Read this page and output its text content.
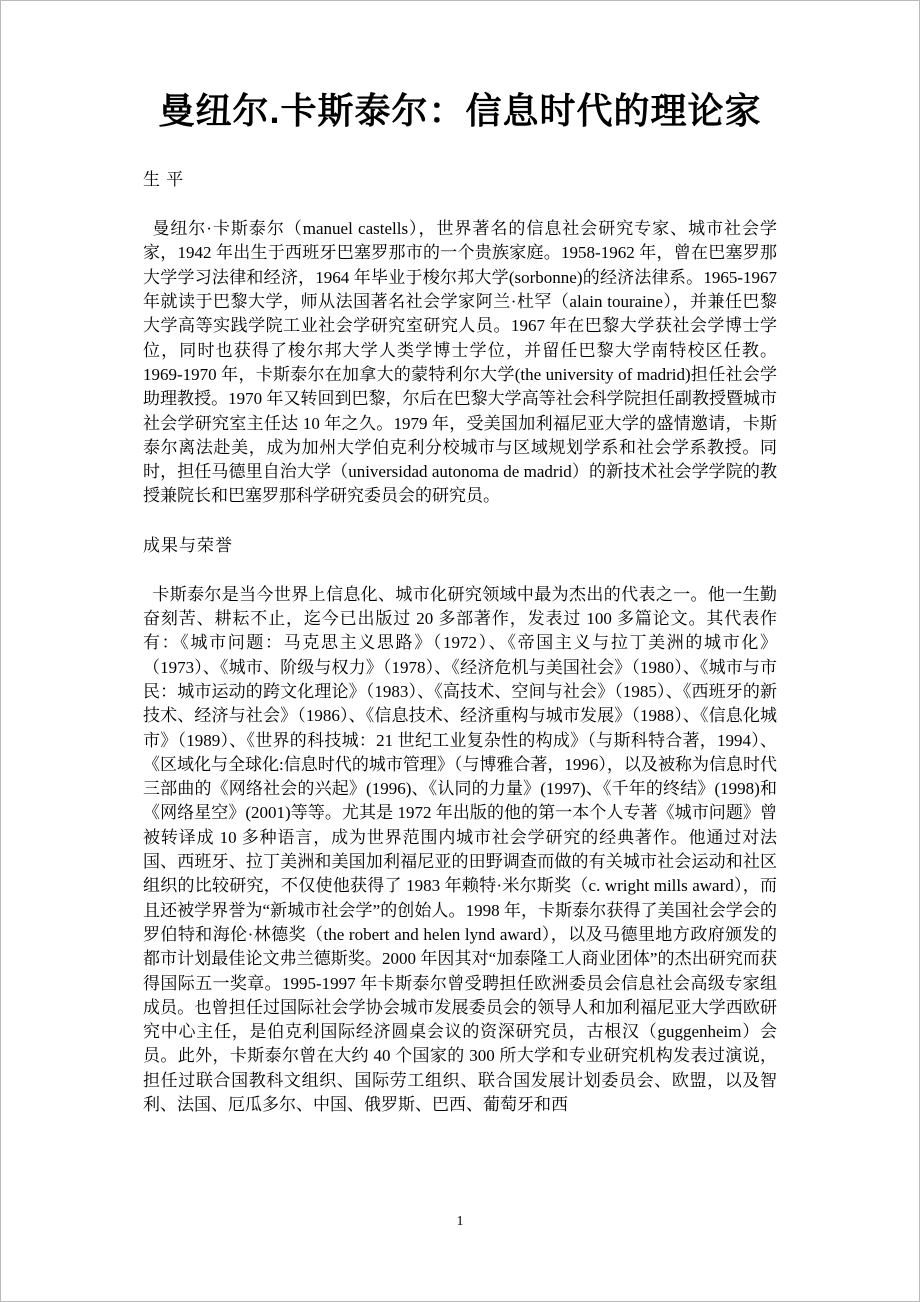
曼纽尔.卡斯泰尔：信息时代的理论家
生 平

曼纽尔·卡斯泰尔（manuel castells），世界著名的信息社会研究专家、城市社会学家，1942 年出生于西班牙巴塞罗那市的一个贵族家庭。1958-1962 年，曾在巴塞罗那大学学习法律和经济，1964 年毕业于梭尔邦大学(sorbonne)的经济法律系。1965-1967 年就读于巴黎大学，师从法国著名社会学家阿兰·杜罕（alain touraine），并兼任巴黎大学高等实践学院工业社会学研究室研究人员。1967 年在巴黎大学获社会学博士学位，同时也获得了梭尔邦大学人类学博士学位，并留任巴黎大学南特校区任教。1969-1970 年，卡斯泰尔在加拿大的蒙特利尔大学(the university of madrid)担任社会学助理教授。1970 年又转回到巴黎，尔后在巴黎大学高等社会科学院担任副教授暨城市社会学研究室主任达 10 年之久。1979 年，受美国加利福尼亚大学的盛情邀请，卡斯泰尔离法赴美，成为加州大学伯克利分校城市与区域规划学系和社会学系教授。同时，担任马德里自治大学（universidad autonoma de madrid）的新技术社会学学院的教授兼院长和巴塞罗那科学研究委员会的研究员。

成果与荣誉

卡斯泰尔是当今世界上信息化、城市化研究领域中最为杰出的代表之一。他一生勤奋刻苦、耕耘不止，迄今已出版过 20 多部著作，发表过 100 多篇论文。其代表作有：《城市问题：马克思主义思路》（1972）、《帝国主义与拉丁美洲的城市化》（1973）、《城市、阶级与权力》（1978）、《经济危机与美国社会》（1980）、《城市与市民：城市运动的跨文化理论》（1983）、《高技术、空间与社会》（1985）、《西班牙的新技术、经济与社会》（1986）、《信息技术、经济重构与城市发展》（1988）、《信息化城市》（1989）、《世界的科技城：21 世纪工业复杂性的构成》（与斯科特合著，1994）、《区域化与全球化:信息时代的城市管理》（与博雅合著，1996），以及被称为信息时代三部曲的《网络社会的兴起》(1996)、《认同的力量》(1997)、《千年的终结》(1998)和《网络星空》(2001)等等。尤其是 1972 年出版的他的第一本个人专著《城市问题》曾被转译成 10 多种语言，成为世界范围内城市社会学研究的经典著作。他通过对法国、西班牙、拉丁美洲和美国加利福尼亚的田野调查而做的有关城市社会运动和社区组织的比较研究，不仅使他获得了 1983 年赖特·米尔斯奖（c. wright mills award），而且还被学界誉为“新城市社会学”的创始人。1998 年，卡斯泰尔获得了美国社会学会的罗伯特和海伦·林德奖（the robert and helen lynd award），以及马德里地方政府颁发的都市计划最佳论文弗兰德斯奖。2000 年因其对“加泰隆工人商业团体”的杰出研究而获得国际五一奖章。1995-1997 年卡斯泰尔曾受聘担任欧洲委员会信息社会高级专家组成员。也曾担任过国际社会学协会城市发展委员会的领导人和加利福尼亚大学西欧研究中心主任，是伯克利国际经济圆桌会议的资深研究员，古根汉（guggenheim）会员。此外，卡斯泰尔曾在大约 40 个国家的 300 所大学和专业研究机构发表过演说，担任过联合国教科文组织、国际劳工组织、联合国发展计划委员会、欧盟，以及智利、法国、厄瓜多尔、中国、俄罗斯、巴西、葡萄牙和西

1
